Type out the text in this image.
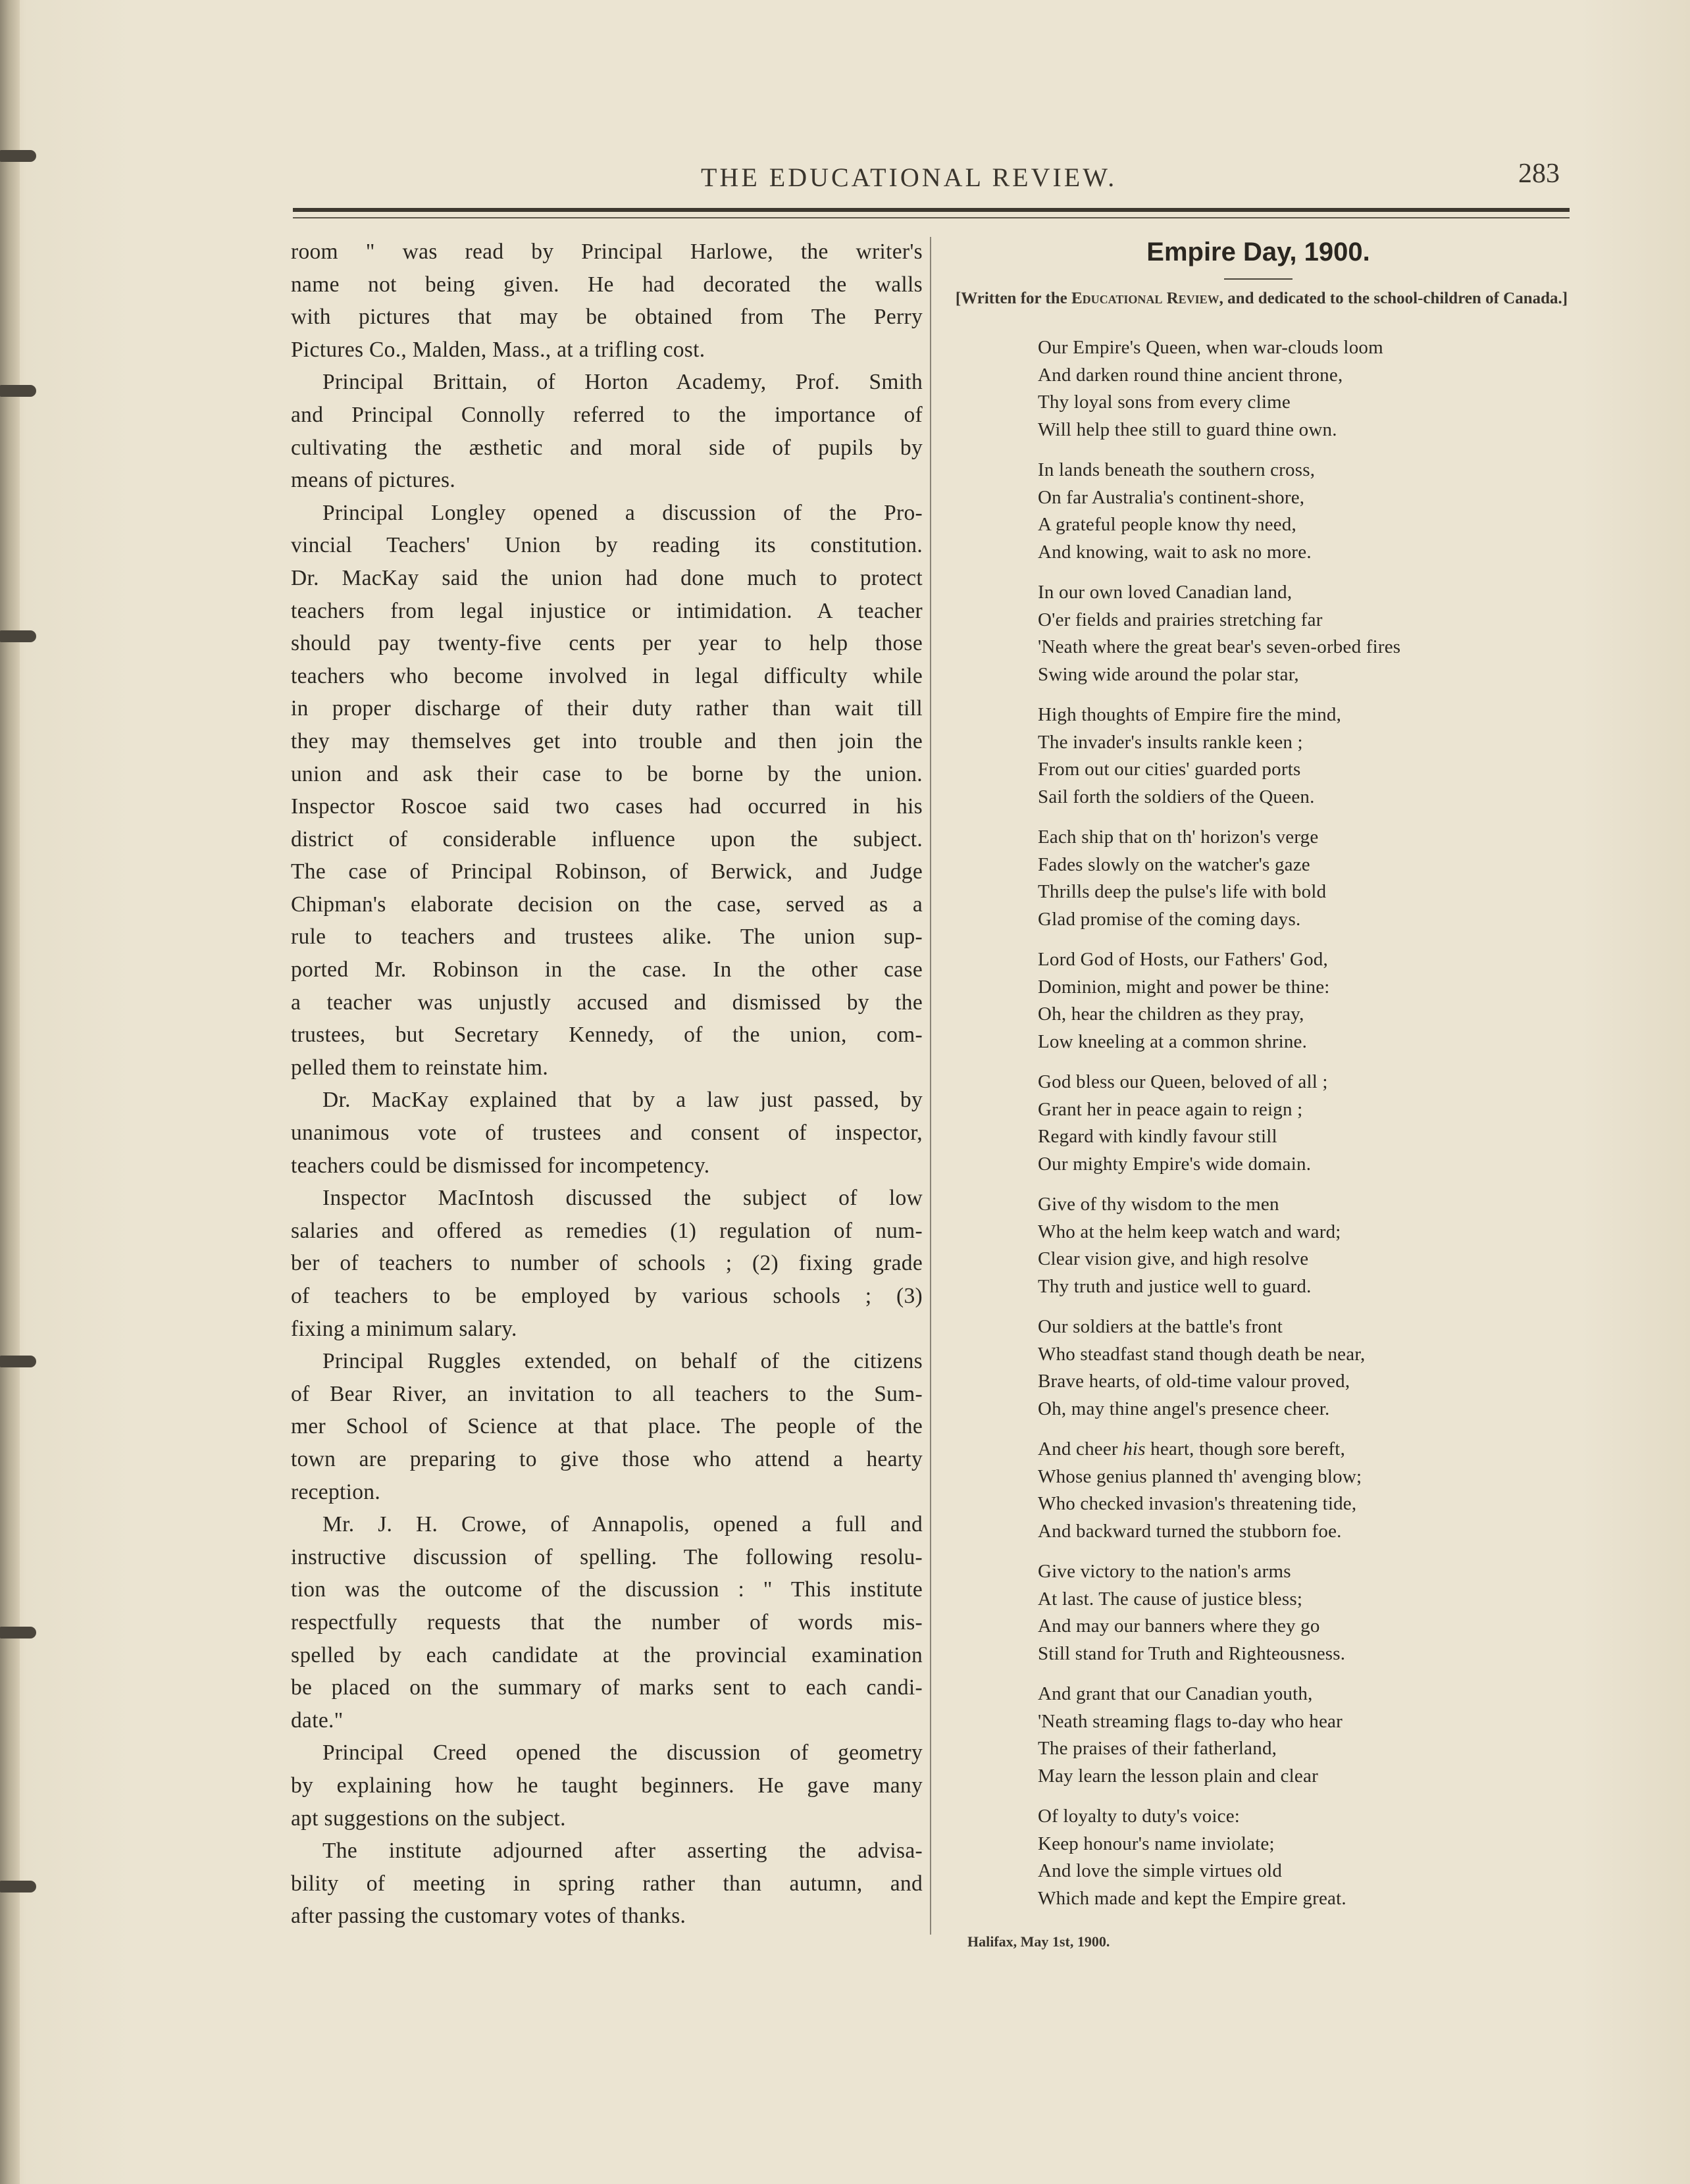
THE EDUCATIONAL REVIEW.	283

room " was read by Principal Harlowe, the writer's
name not being given. He had decorated the walls
with pictures that may be obtained from The Perry
Pictures Co., Malden, Mass., at a trifling cost.

Principal Brittain, of Horton Academy, Prof. Smith
and Principal Connolly referred to the importance of
cultivating the æsthetic and moral side of pupils by
means of pictures.

Principal Longley opened a discussion of the Pro-
vincial Teachers' Union by reading its constitution.
Dr. MacKay said the union had done much to protect
teachers from legal injustice or intimidation. A teacher
should pay twenty-five cents per year to help those
teachers who become involved in legal difficulty while
in proper discharge of their duty rather than wait till
they may themselves get into trouble and then join the
union and ask their case to be borne by the union.
Inspector Roscoe said two cases had occurred in his
district of considerable influence upon the subject.
The case of Principal Robinson, of Berwick, and Judge
Chipman's elaborate decision on the case, served as a
rule to teachers and trustees alike. The union sup-
ported Mr. Robinson in the case. In the other case
a teacher was unjustly accused and dismissed by the
trustees, but Secretary Kennedy, of the union, com-
pelled them to reinstate him.

Dr. MacKay explained that by a law just passed, by
unanimous vote of trustees and consent of inspector,
teachers could be dismissed for incompetency.

Inspector MacIntosh discussed the subject of low
salaries and offered as remedies (1) regulation of num-
ber of teachers to number of schools ; (2) fixing grade
of teachers to be employed by various schools ; (3)
fixing a minimum salary.

Principal Ruggles extended, on behalf of the citizens
of Bear River, an invitation to all teachers to the Sum-
mer School of Science at that place. The people of the
town are preparing to give those who attend a hearty
reception.

Mr. J. H. Crowe, of Annapolis, opened a full and
instructive discussion of spelling. The following resolu-
tion was the outcome of the discussion : " This institute
respectfully requests that the number of words mis-
spelled by each candidate at the provincial examination
be placed on the summary of marks sent to each candi-
date."

Principal Creed opened the discussion of geometry
by explaining how he taught beginners. He gave many
apt suggestions on the subject.

The institute adjourned after asserting the advisa-
bility of meeting in spring rather than autumn, and
after passing the customary votes of thanks.

Empire Day, 1900.
[Written for the Educational Review, and dedicated to the school-children of Canada.]
Our Empire's Queen, when war-clouds loom
And darken round thine ancient throne,
Thy loyal sons from every clime
Will help thee still to guard thine own.
In lands beneath the southern cross,
On far Australia's continent-shore,
A grateful people know thy need,
And knowing, wait to ask no more.
In our own loved Canadian land,
O'er fields and prairies stretching far
'Neath where the great bear's seven-orbed fires
Swing wide around the polar star,
High thoughts of Empire fire the mind,
The invader's insults rankle keen ;
From out our cities' guarded ports
Sail forth the soldiers of the Queen.
Each ship that on th' horizon's verge
Fades slowly on the watcher's gaze
Thrills deep the pulse's life with bold
Glad promise of the coming days.
Lord God of Hosts, our Fathers' God,
Dominion, might and power be thine:
Oh, hear the children as they pray,
Low kneeling at a common shrine.
God bless our Queen, beloved of all ;
Grant her in peace again to reign ;
Regard with kindly favour still
Our mighty Empire's wide domain.
Give of thy wisdom to the men
Who at the helm keep watch and ward;
Clear vision give, and high resolve
Thy truth and justice well to guard.
Our soldiers at the battle's front
Who steadfast stand though death be near,
Brave hearts, of old-time valour proved,
Oh, may thine angel's presence cheer.
And cheer his heart, though sore bereft,
Whose genius planned th' avenging blow;
Who checked invasion's threatening tide,
And backward turned the stubborn foe.
Give victory to the nation's arms
At last. The cause of justice bless;
And may our banners where they go
Still stand for Truth and Righteousness.
And grant that our Canadian youth,
'Neath streaming flags to-day who hear
The praises of their fatherland,
May learn the lesson plain and clear
Of loyalty to duty's voice:
Keep honour's name inviolate;
And love the simple virtues old
Which made and kept the Empire great.
Halifax, May 1st, 1900.
